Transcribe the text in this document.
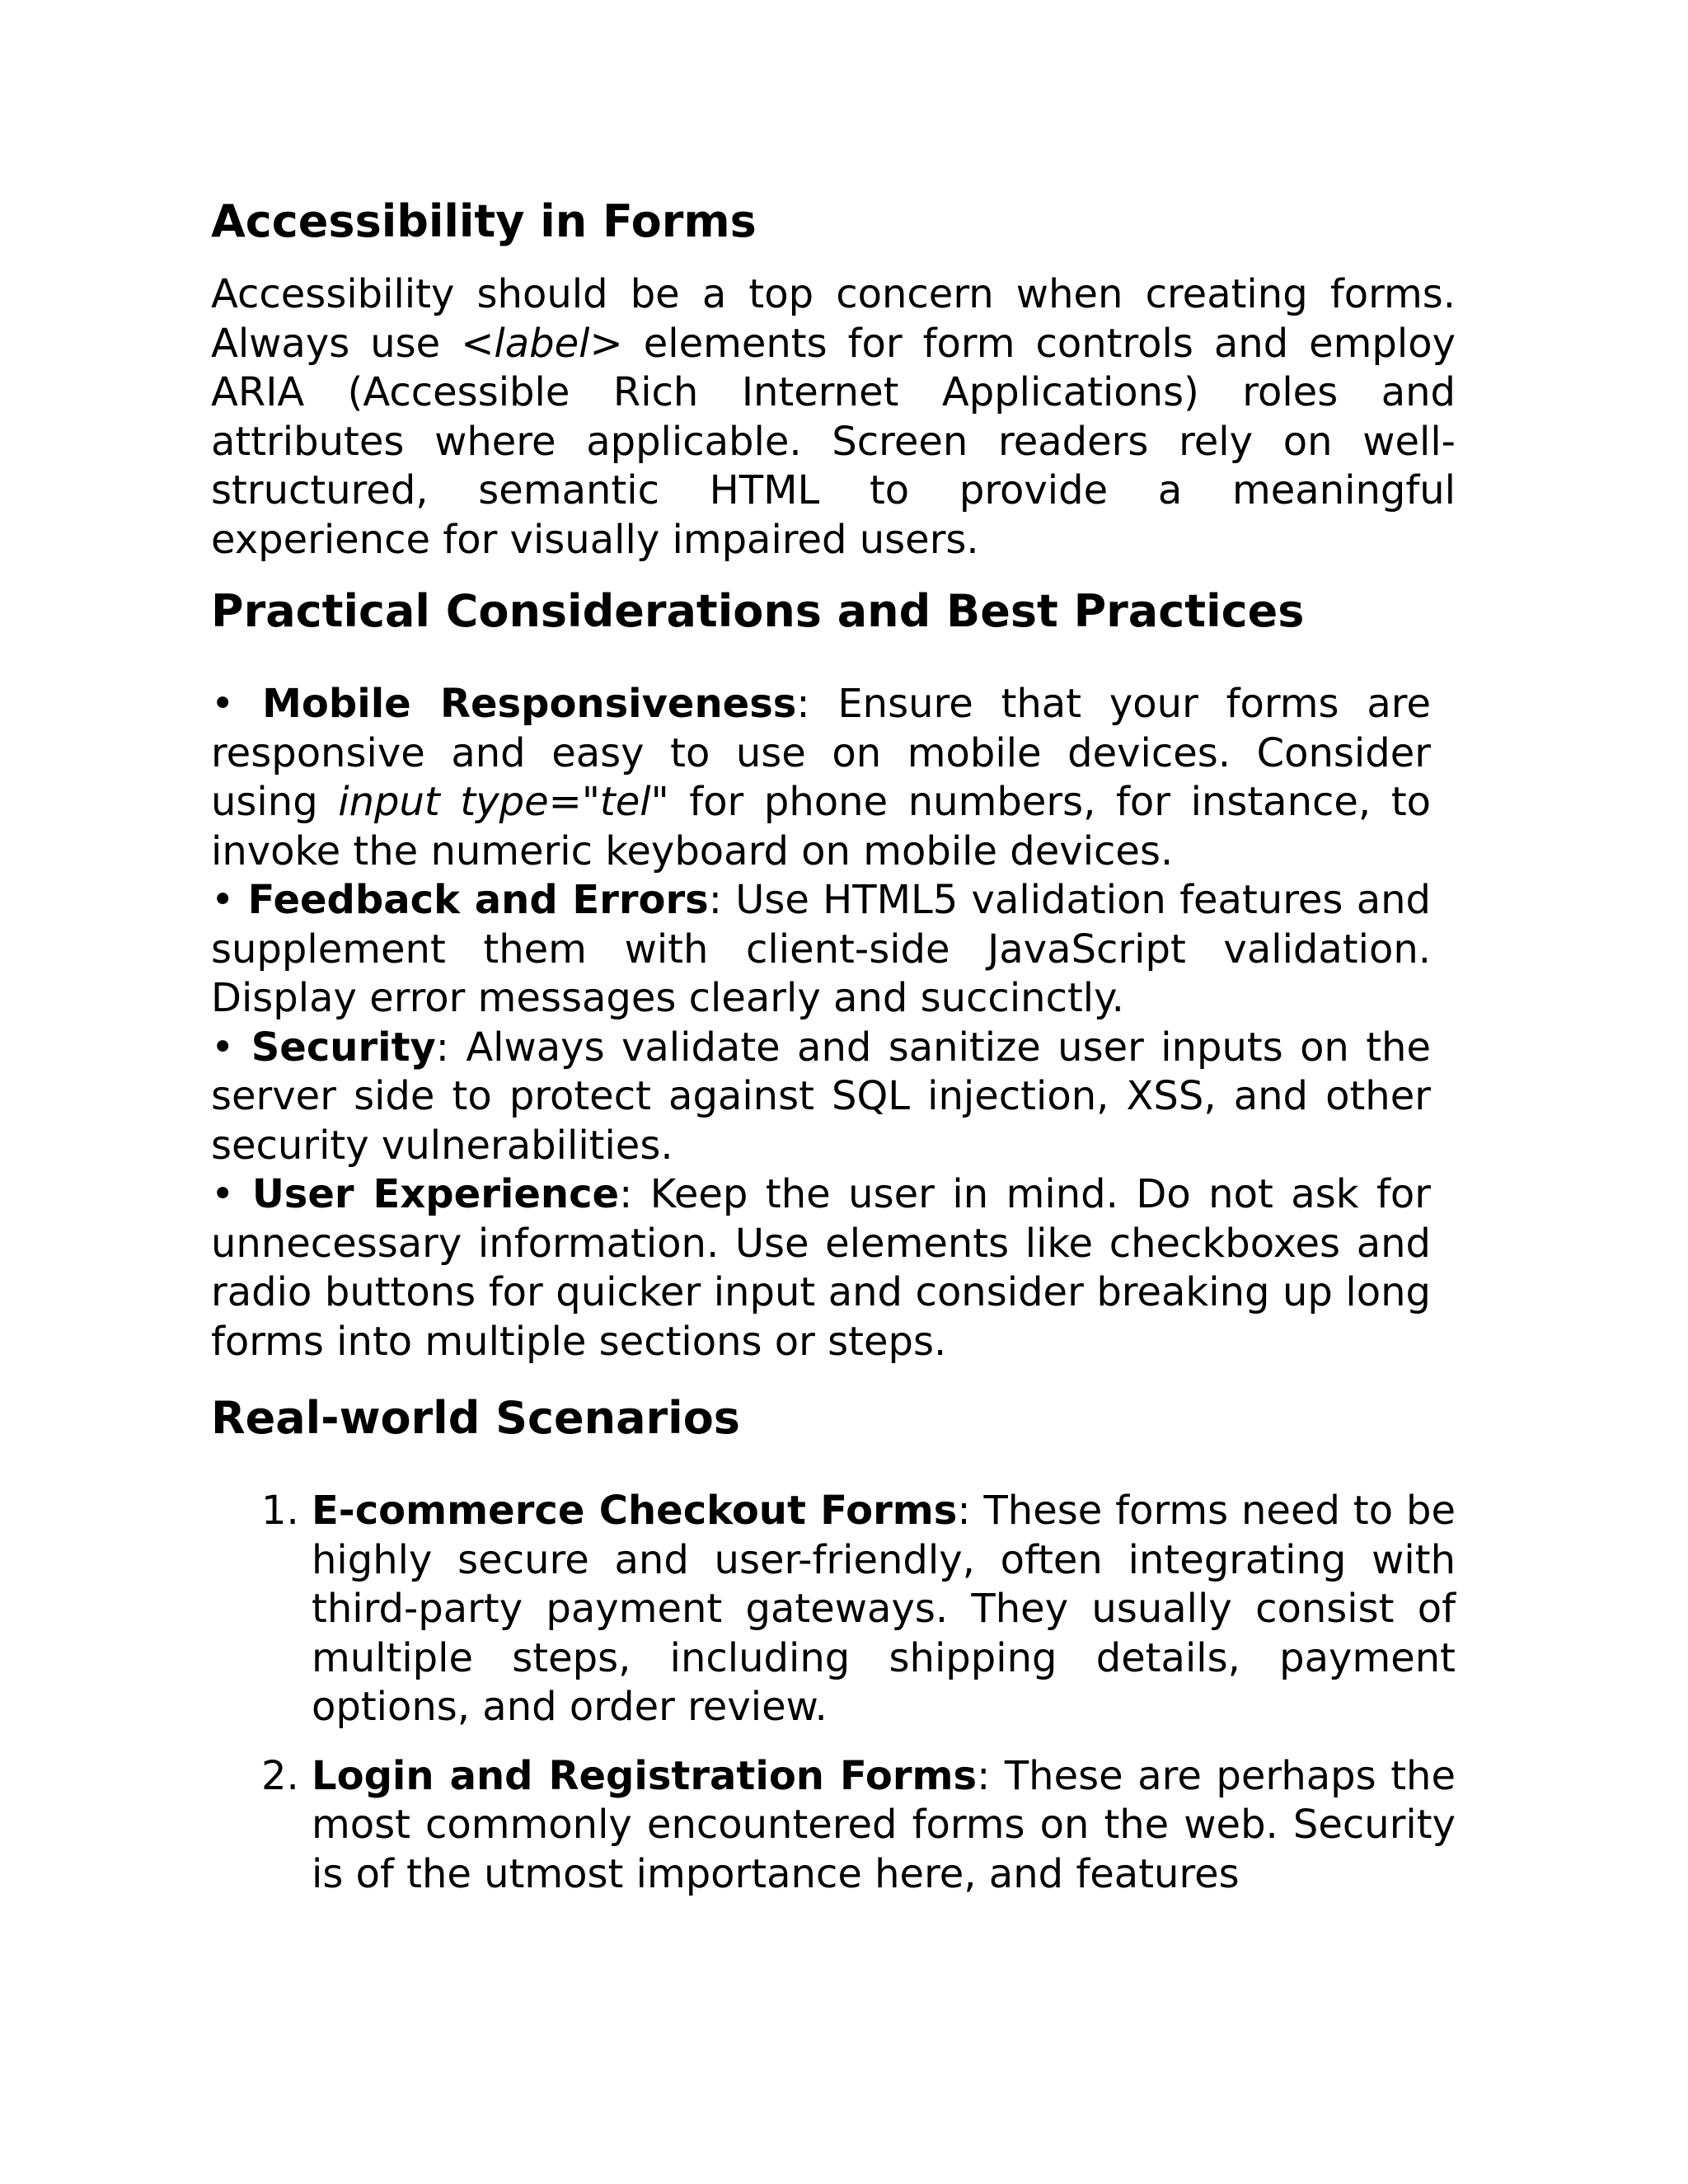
Accessibility in Forms

Accessibility should be a top concern when creating forms. Always use <label> elements for form controls and employ ARIA (Accessible Rich Internet Applications) roles and attributes where applicable. Screen readers rely on well-structured, semantic HTML to provide a meaningful experience for visually impaired users.

Practical Considerations and Best Practices
• Mobile Responsiveness: Ensure that your forms are responsive and easy to use on mobile devices. Consider using input type="tel" for phone numbers, for instance, to invoke the numeric keyboard on mobile devices.
• Feedback and Errors: Use HTML5 validation features and supplement them with client-side JavaScript validation. Display error messages clearly and succinctly.
• Security: Always validate and sanitize user inputs on the server side to protect against SQL injection, XSS, and other security vulnerabilities.
• User Experience: Keep the user in mind. Do not ask for unnecessary information. Use elements like checkboxes and radio buttons for quicker input and consider breaking up long forms into multiple sections or steps.
Real-world Scenarios
1. E-commerce Checkout Forms: These forms need to be highly secure and user-friendly, often integrating with third-party payment gateways. They usually consist of multiple steps, including shipping details, payment options, and order review.
2. Login and Registration Forms: These are perhaps the most commonly encountered forms on the web. Security is of the utmost importance here, and features
